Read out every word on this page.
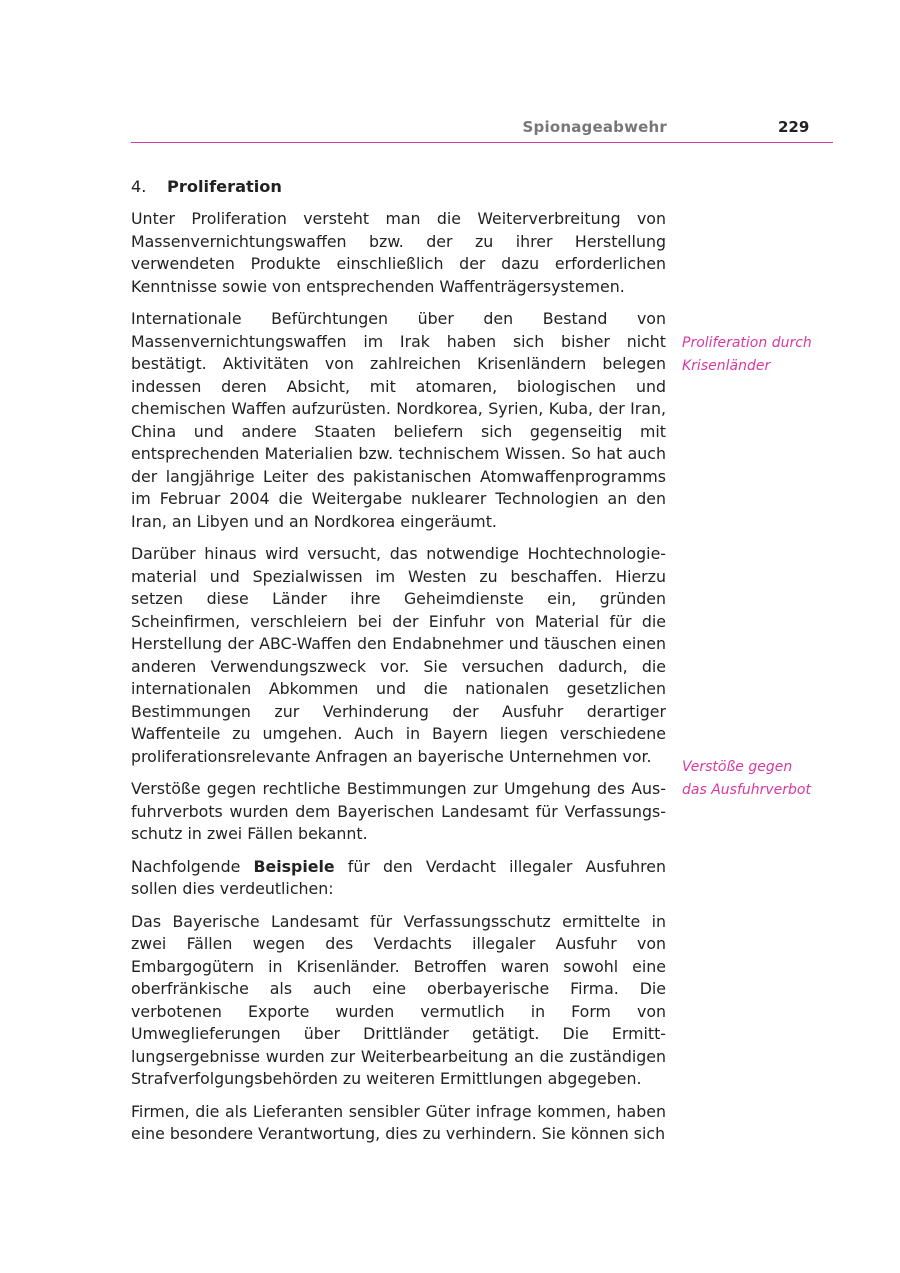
Spionageabwehr	229
4. Proliferation

Unter Proliferation versteht man die Weiterverbreitung von Massenvernichtungswaffen bzw. der zu ihrer Herstellung verwendeten Produkte einschließlich der dazu erforderlichen Kenntnisse sowie von entsprechenden Waffenträgersystemen.

Internationale Befürchtungen über den Bestand von Massenvernichtungswaffen im Irak haben sich bisher nicht bestätigt. Aktivitäten von zahlreichen Krisenländern belegen indessen deren Absicht, mit atomaren, biologischen und chemischen Waffen aufzurüsten. Nordkorea, Syrien, Kuba, der Iran, China und andere Staaten beliefern sich gegenseitig mit entsprechenden Materialien bzw. technischem Wissen. So hat auch der langjährige Leiter des pakistanischen Atomwaffenprogramms im Februar 2004 die Weitergabe nuklearer Technologien an den Iran, an Libyen und an Nordkorea eingeräumt.

Darüber hinaus wird versucht, das notwendige Hochtechnologiematerial und Spezialwissen im Westen zu beschaffen. Hierzu setzen diese Länder ihre Geheimdienste ein, gründen Scheinfirmen, verschleiern bei der Einfuhr von Material für die Herstellung der ABC-Waffen den Endabnehmer und täuschen einen anderen Verwendungszweck vor. Sie versuchen dadurch, die internationalen Abkommen und die nationalen gesetzlichen Bestimmungen zur Verhinderung der Ausfuhr derartiger Waffenteile zu umgehen. Auch in Bayern liegen verschiedene proliferationsrelevante Anfragen an bayerische Unternehmen vor.

Verstöße gegen rechtliche Bestimmungen zur Umgehung des Ausfuhrverbots wurden dem Bayerischen Landesamt für Verfassungsschutz in zwei Fällen bekannt.

Nachfolgende Beispiele für den Verdacht illegaler Ausfuhren sollen dies verdeutlichen:

Das Bayerische Landesamt für Verfassungsschutz ermittelte in zwei Fällen wegen des Verdachts illegaler Ausfuhr von Embargogütern in Krisenländer. Betroffen waren sowohl eine oberfränkische als auch eine oberbayerische Firma. Die verbotenen Exporte wurden vermutlich in Form von Umweglieferungen über Drittländer getätigt. Die Ermittlungsergebnisse wurden zur Weiterbearbeitung an die zuständigen Strafverfolgungsbehörden zu weiteren Ermittlungen abgegeben.

Firmen, die als Lieferanten sensibler Güter infrage kommen, haben eine besondere Verantwortung, dies zu verhindern. Sie können sich

Proliferation durch
Krisenländer
Verstöße gegen
das Ausfuhrverbot
